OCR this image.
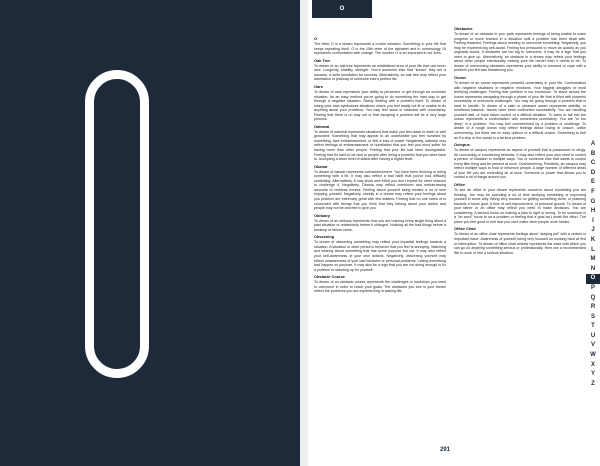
O
O

The letter O is a dream represents a cookie situation. Something in your life that keeps repeating itself. O is the 15th letter of the alphabet and in numerology 15 represents confrontation with change. The number O is an important in our lives.

Oak Tree

To dream of an oak tree represents an established area of your life that can never lose. Longevity, stability, strength. You're someone else that "knows" they are a success. A solid foundation for success. Alternatively, an oak tree may reflect your admiration or jealousy of someone else's perfect life.

Oars

To dream of oars represents your ability to persevere or get through an uncertain situation. As an easy method you're going to do something the hard way to get through a negative situation. Slowly dealing with a problem itself. To dream of losing your oars symbolizes situations where you feel totally not fit or unable to do anything about your problems. You may feel stuck or stranded with uncertainty. Feeling that there is no way out or that escaping a problem will be a very large process.

Oatmeal

To dream of oatmeal represents situations that make you feel down to earth or well grounded. Something that may appear to an undesirable you feel humbled by something, face embarrassment, or feel a loss of power. Negatively, oatmeal may reflect feelings of embarrassment or humiliation that you feel you must suffer for having more than other people. Feeling that your life has been downgraded. Feeling that it's hard to be nice to people after being a powerful that you were back to. Accepting a lower level of status after having a higher level.

Obama

To dream of barack represents overachievement. You have been thinking or doing something with a bit. It may also reflect a bad habit that you've had difficulty controlling. Alternatively, it may show new effort you don't expect for other reasons to challenge it. Negatively, Obama may reflect overblown and embarrassing amounts of reckless excess. Feeling about yourself being treated a lot of time enjoying yourself. Negatively, obesity in a dream may reflect your feelings about you problem are extremely great with few leaders. Feeling that no one cares or is concerned with beings that you think that they belong about your tactics and people may not be and feel to give you.

Obituary

To dream of an obituary represents how you are noticing every single thing about a past situation or relationship before it changed. Noticing all the bad things before a breakup or failure came.

Obscening

To dream of obscening something may reflect your impartial feelings towards a situation. A situation or other person's behavior that you feel is annoying. Watching and hearing about something that has some purpose but not. It may also reflect your self-awareness of your own actions. Negatively, obscening yourself may reflect unawareness of your bad behavior or personal problems. Letting something bad happen on purpose. It may also be a sign that you are not doing enough to fix a problem or standing up for yourself.

Obstacle Course

To dream of an obstacle course represents the challenges or hardships you need to overcome in order to reach your goals. The obstacles you see in your dream reflect the problems you are experiencing in waking life.

Obstacles

To dream of an obstacle in your path represents feelings of being unable to make progress or move forward in a situation until a problem has been dealt with. Feeling thwarted. Feelings about needing to overcome something. Negatively, you may be experiencing self-doubt. Feeling too pressured to move as quickly as you originally would. If obstacles are too big to overcome, it may be a sign that you need to give up. Alternatively, an obstacle in a dream may reflect your feelings about other people intentionally making your life harder than it needs to be. To dream of overcoming obstacles represents your ability to succeed or cope with a problem you felt was threatening you.

Ocean

To dream of an ocean represents powerful uncertainty in your life. Confrontation with negative situations or negative emotions. Your biggest struggles or most terrifying challenges. Feeling that problem is too enormous. To stand across the ocean represents navigating through a phase of your life that is filled with powerful uncertainty or enormous challenges. You may be going through a problem that is hard to handle. To dream of a calm or pleasant ocean represents stability, or emotional balance. Issues have been confronted successfully. You are handling yourself well, or have taken control of a difficult situation. To swim or fall into the ocean represents a confrontation with sometimes uncertainty. You are "in too deep" in a problem. You may feel overwhelmed by a problem or challenge. To dream of a rough ocean may reflect feelings about losing or unsure, unlike overcoming, but there are no easy options or a difficult choice. Something to feel as if a ship or the ocean is a serious problem.

Octopus

To dream of octopus represents an aspect of yourself that is possessive or clingy. All consuming or smothering behavior. It may also reflect your own need to control a person or situation in multiple ways. You or someone else that wants to control every little thing and be present at once. Overwhelming. Positively, an octopus may reflect multiple ways to hold or influence people. A large number of different areas of your life you are controlling all at once. Someone or power that allows you to control a lot of things around you.

Office

To see an office in your dream represents concerns about something you are thinking. You may be spending a lot of time studying something or improving yourself in some way. Being very focused on getting something done, or planning towards a future goal. A time of self-improvement, or personal growth. To dream of your father or an office may reflect you need to make decisions. You are considering. A serious focus on making a plan to right or wrong. To be someone in a "do work" focus to on a problem or feeling that a goal isn't worth the effort. The place you feel good or feel that you can't make other people work harder.

Office Chair

To dream of an office chair represents feelings about "staying put" with a certain or important issue. Awareness of yourself being very focused on working hard at first or interruption. To dream of office chair wheels represents the ease with which you can go do anything something serious or professionally. Here are a recommended like to work or feel a serious situation.

A
B
C
D
E
F
G
H
I
J
K
L
M
N
O
P
Q
R
S
T
U
V
W
X
Y
Z
291
